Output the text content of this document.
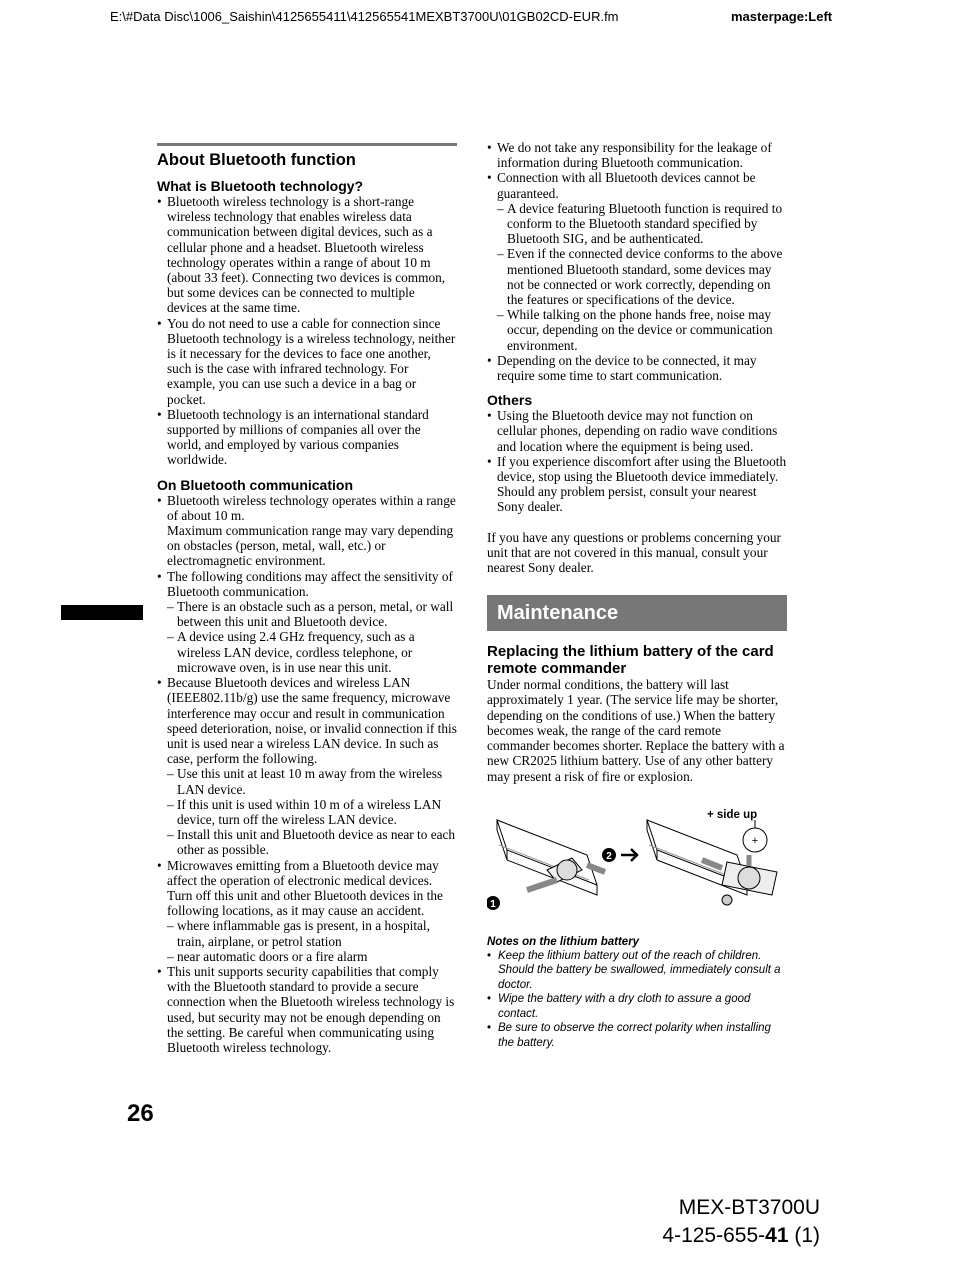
E:\#Data Disc\1006_Saishin\4125655411\412565541MEXBT3700U\01GB02CD-EUR.fm	masterpage:Left
About Bluetooth function
What is Bluetooth technology?
• Bluetooth wireless technology is a short-range wireless technology that enables wireless data communication between digital devices, such as a cellular phone and a headset. Bluetooth wireless technology operates within a range of about 10 m (about 33 feet). Connecting two devices is common, but some devices can be connected to multiple devices at the same time.
• You do not need to use a cable for connection since Bluetooth technology is a wireless technology, neither is it necessary for the devices to face one another, such is the case with infrared technology. For example, you can use such a device in a bag or pocket.
• Bluetooth technology is an international standard supported by millions of companies all over the world, and employed by various companies worldwide.
On Bluetooth communication
• Bluetooth wireless technology operates within a range of about 10 m.
Maximum communication range may vary depending on obstacles (person, metal, wall, etc.) or electromagnetic environment.
• The following conditions may affect the sensitivity of Bluetooth communication.
– There is an obstacle such as a person, metal, or wall between this unit and Bluetooth device.
– A device using 2.4 GHz frequency, such as a wireless LAN device, cordless telephone, or microwave oven, is in use near this unit.
• Because Bluetooth devices and wireless LAN (IEEE802.11b/g) use the same frequency, microwave interference may occur and result in communication speed deterioration, noise, or invalid connection if this unit is used near a wireless LAN device. In such as case, perform the following.
– Use this unit at least 10 m away from the wireless LAN device.
– If this unit is used within 10 m of a wireless LAN device, turn off the wireless LAN device.
– Install this unit and Bluetooth device as near to each other as possible.
• Microwaves emitting from a Bluetooth device may affect the operation of electronic medical devices. Turn off this unit and other Bluetooth devices in the following locations, as it may cause an accident.
– where inflammable gas is present, in a hospital, train, airplane, or petrol station
– near automatic doors or a fire alarm
• This unit supports security capabilities that comply with the Bluetooth standard to provide a secure connection when the Bluetooth wireless technology is used, but security may not be enough depending on the setting. Be careful when communicating using Bluetooth wireless technology.
• We do not take any responsibility for the leakage of information during Bluetooth communication.
• Connection with all Bluetooth devices cannot be guaranteed.
– A device featuring Bluetooth function is required to conform to the Bluetooth standard specified by Bluetooth SIG, and be authenticated.
– Even if the connected device conforms to the above mentioned Bluetooth standard, some devices may not be connected or work correctly, depending on the features or specifications of the device.
– While talking on the phone hands free, noise may occur, depending on the device or communication environment.
• Depending on the device to be connected, it may require some time to start communication.
Others
• Using the Bluetooth device may not function on cellular phones, depending on radio wave conditions and location where the equipment is being used.
• If you experience discomfort after using the Bluetooth device, stop using the Bluetooth device immediately. Should any problem persist, consult your nearest Sony dealer.

If you have any questions or problems concerning your unit that are not covered in this manual, consult your nearest Sony dealer.

Maintenance
Replacing the lithium battery of the card remote commander

Under normal conditions, the battery will last approximately 1 year. (The service life may be shorter, depending on the conditions of use.) When the battery becomes weak, the range of the card remote commander becomes shorter. Replace the battery with a new CR2025 lithium battery. Use of any other battery may present a risk of fire or explosion.

+ side up
1
2
+

Notes on the lithium battery

• Keep the lithium battery out of the reach of children. Should the battery be swallowed, immediately consult a doctor.
• Wipe the battery with a dry cloth to assure a good contact.
• Be sure to observe the correct polarity when installing the battery.
26
MEX-BT3700U
4-125-655-41 (1)
